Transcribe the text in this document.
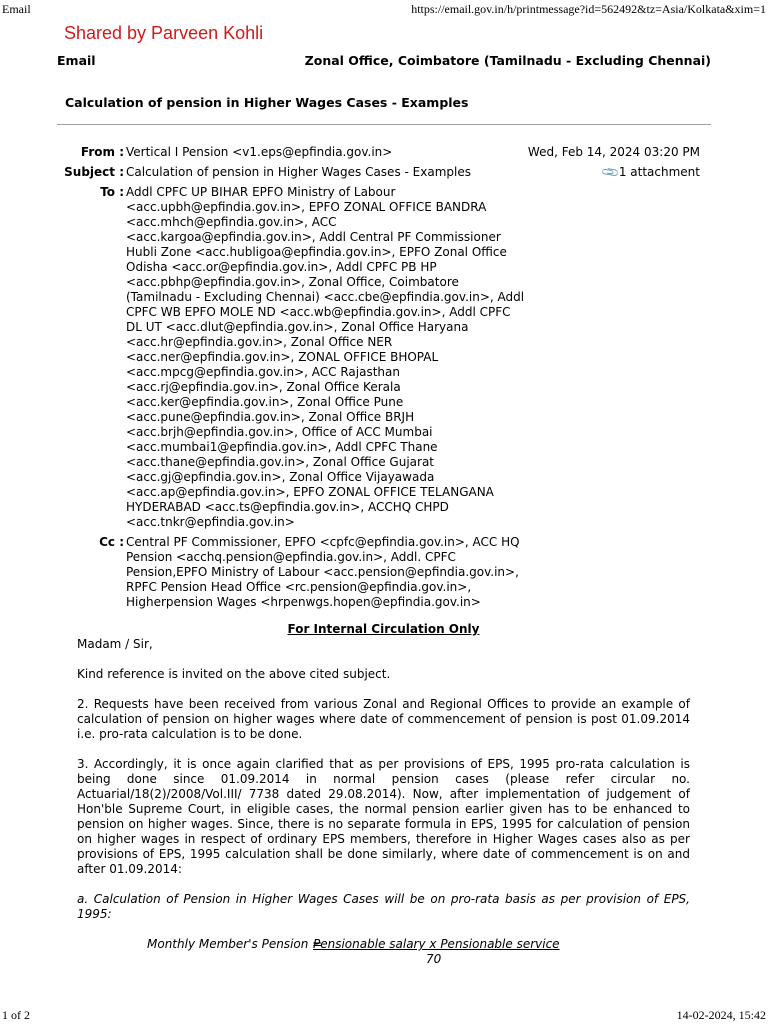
Email	https://email.gov.in/h/printmessage?id=562492&tz=Asia/Kolkata&xim=1
Shared by Parveen Kohli
Email	Zonal Office, Coimbatore (Tamilnadu - Excluding Chennai)
Calculation of pension in Higher Wages Cases - Examples
From : Vertical I Pension <v1.eps@epfindia.gov.in>	Wed, Feb 14, 2024 03:20 PM
Subject : Calculation of pension in Higher Wages Cases - Examples	📎1 attachment
To : Addl CPFC UP BIHAR EPFO Ministry of Labour <acc.upbh@epfindia.gov.in>, EPFO ZONAL OFFICE BANDRA <acc.mhch@epfindia.gov.in>, ACC <acc.kargoa@epfindia.gov.in>, Addl Central PF Commissioner Hubli Zone <acc.hubligoa@epfindia.gov.in>, EPFO Zonal Office Odisha <acc.or@epfindia.gov.in>, Addl CPFC PB HP <acc.pbhp@epfindia.gov.in>, Zonal Office, Coimbatore (Tamilnadu - Excluding Chennai) <acc.cbe@epfindia.gov.in>, Addl CPFC WB EPFO MOLE ND <acc.wb@epfindia.gov.in>, Addl CPFC DL UT <acc.dlut@epfindia.gov.in>, Zonal Office Haryana <acc.hr@epfindia.gov.in>, Zonal Office NER <acc.ner@epfindia.gov.in>, ZONAL OFFICE BHOPAL <acc.mpcg@epfindia.gov.in>, ACC Rajasthan <acc.rj@epfindia.gov.in>, Zonal Office Kerala <acc.ker@epfindia.gov.in>, Zonal Office Pune <acc.pune@epfindia.gov.in>, Zonal Office BRJH <acc.brjh@epfindia.gov.in>, Office of ACC Mumbai <acc.mumbai1@epfindia.gov.in>, Addl CPFC Thane <acc.thane@epfindia.gov.in>, Zonal Office Gujarat <acc.gj@epfindia.gov.in>, Zonal Office Vijayawada <acc.ap@epfindia.gov.in>, EPFO ZONAL OFFICE TELANGANA HYDERABAD <acc.ts@epfindia.gov.in>, ACCHQ CHPD <acc.tnkr@epfindia.gov.in>
Cc : Central PF Commissioner, EPFO <cpfc@epfindia.gov.in>, ACC HQ Pension <acchq.pension@epfindia.gov.in>, Addl. CPFC Pension,EPFO Ministry of Labour <acc.pension@epfindia.gov.in>, RPFC Pension Head Office <rc.pension@epfindia.gov.in>, Higherpension Wages <hrpenwgs.hopen@epfindia.gov.in>
For Internal Circulation Only

Madam / Sir,

Kind reference is invited on the above cited subject.

2. Requests have been received from various Zonal and Regional Offices to provide an example of calculation of pension on higher wages where date of commencement of pension is post 01.09.2014 i.e. pro-rata calculation is to be done.

3. Accordingly, it is once again clarified that as per provisions of EPS, 1995 pro-rata calculation is being done since 01.09.2014 in normal pension cases (please refer circular no. Actuarial/18(2)/2008/Vol.III/ 7738 dated 29.08.2014). Now, after implementation of judgement of Hon'ble Supreme Court, in eligible cases, the normal pension earlier given has to be enhanced to pension on higher wages. Since, there is no separate formula in EPS, 1995 for calculation of pension on higher wages in respect of ordinary EPS members, therefore in Higher Wages cases also as per provisions of EPS, 1995 calculation shall be done similarly, where date of commencement is on and after 01.09.2014:

a. Calculation of Pension in Higher Wages Cases will be on pro-rata basis as per provision of EPS, 1995:

Monthly Member's Pension =
Pensionable salary x Pensionable service
70
1 of 2	14-02-2024, 15:42
